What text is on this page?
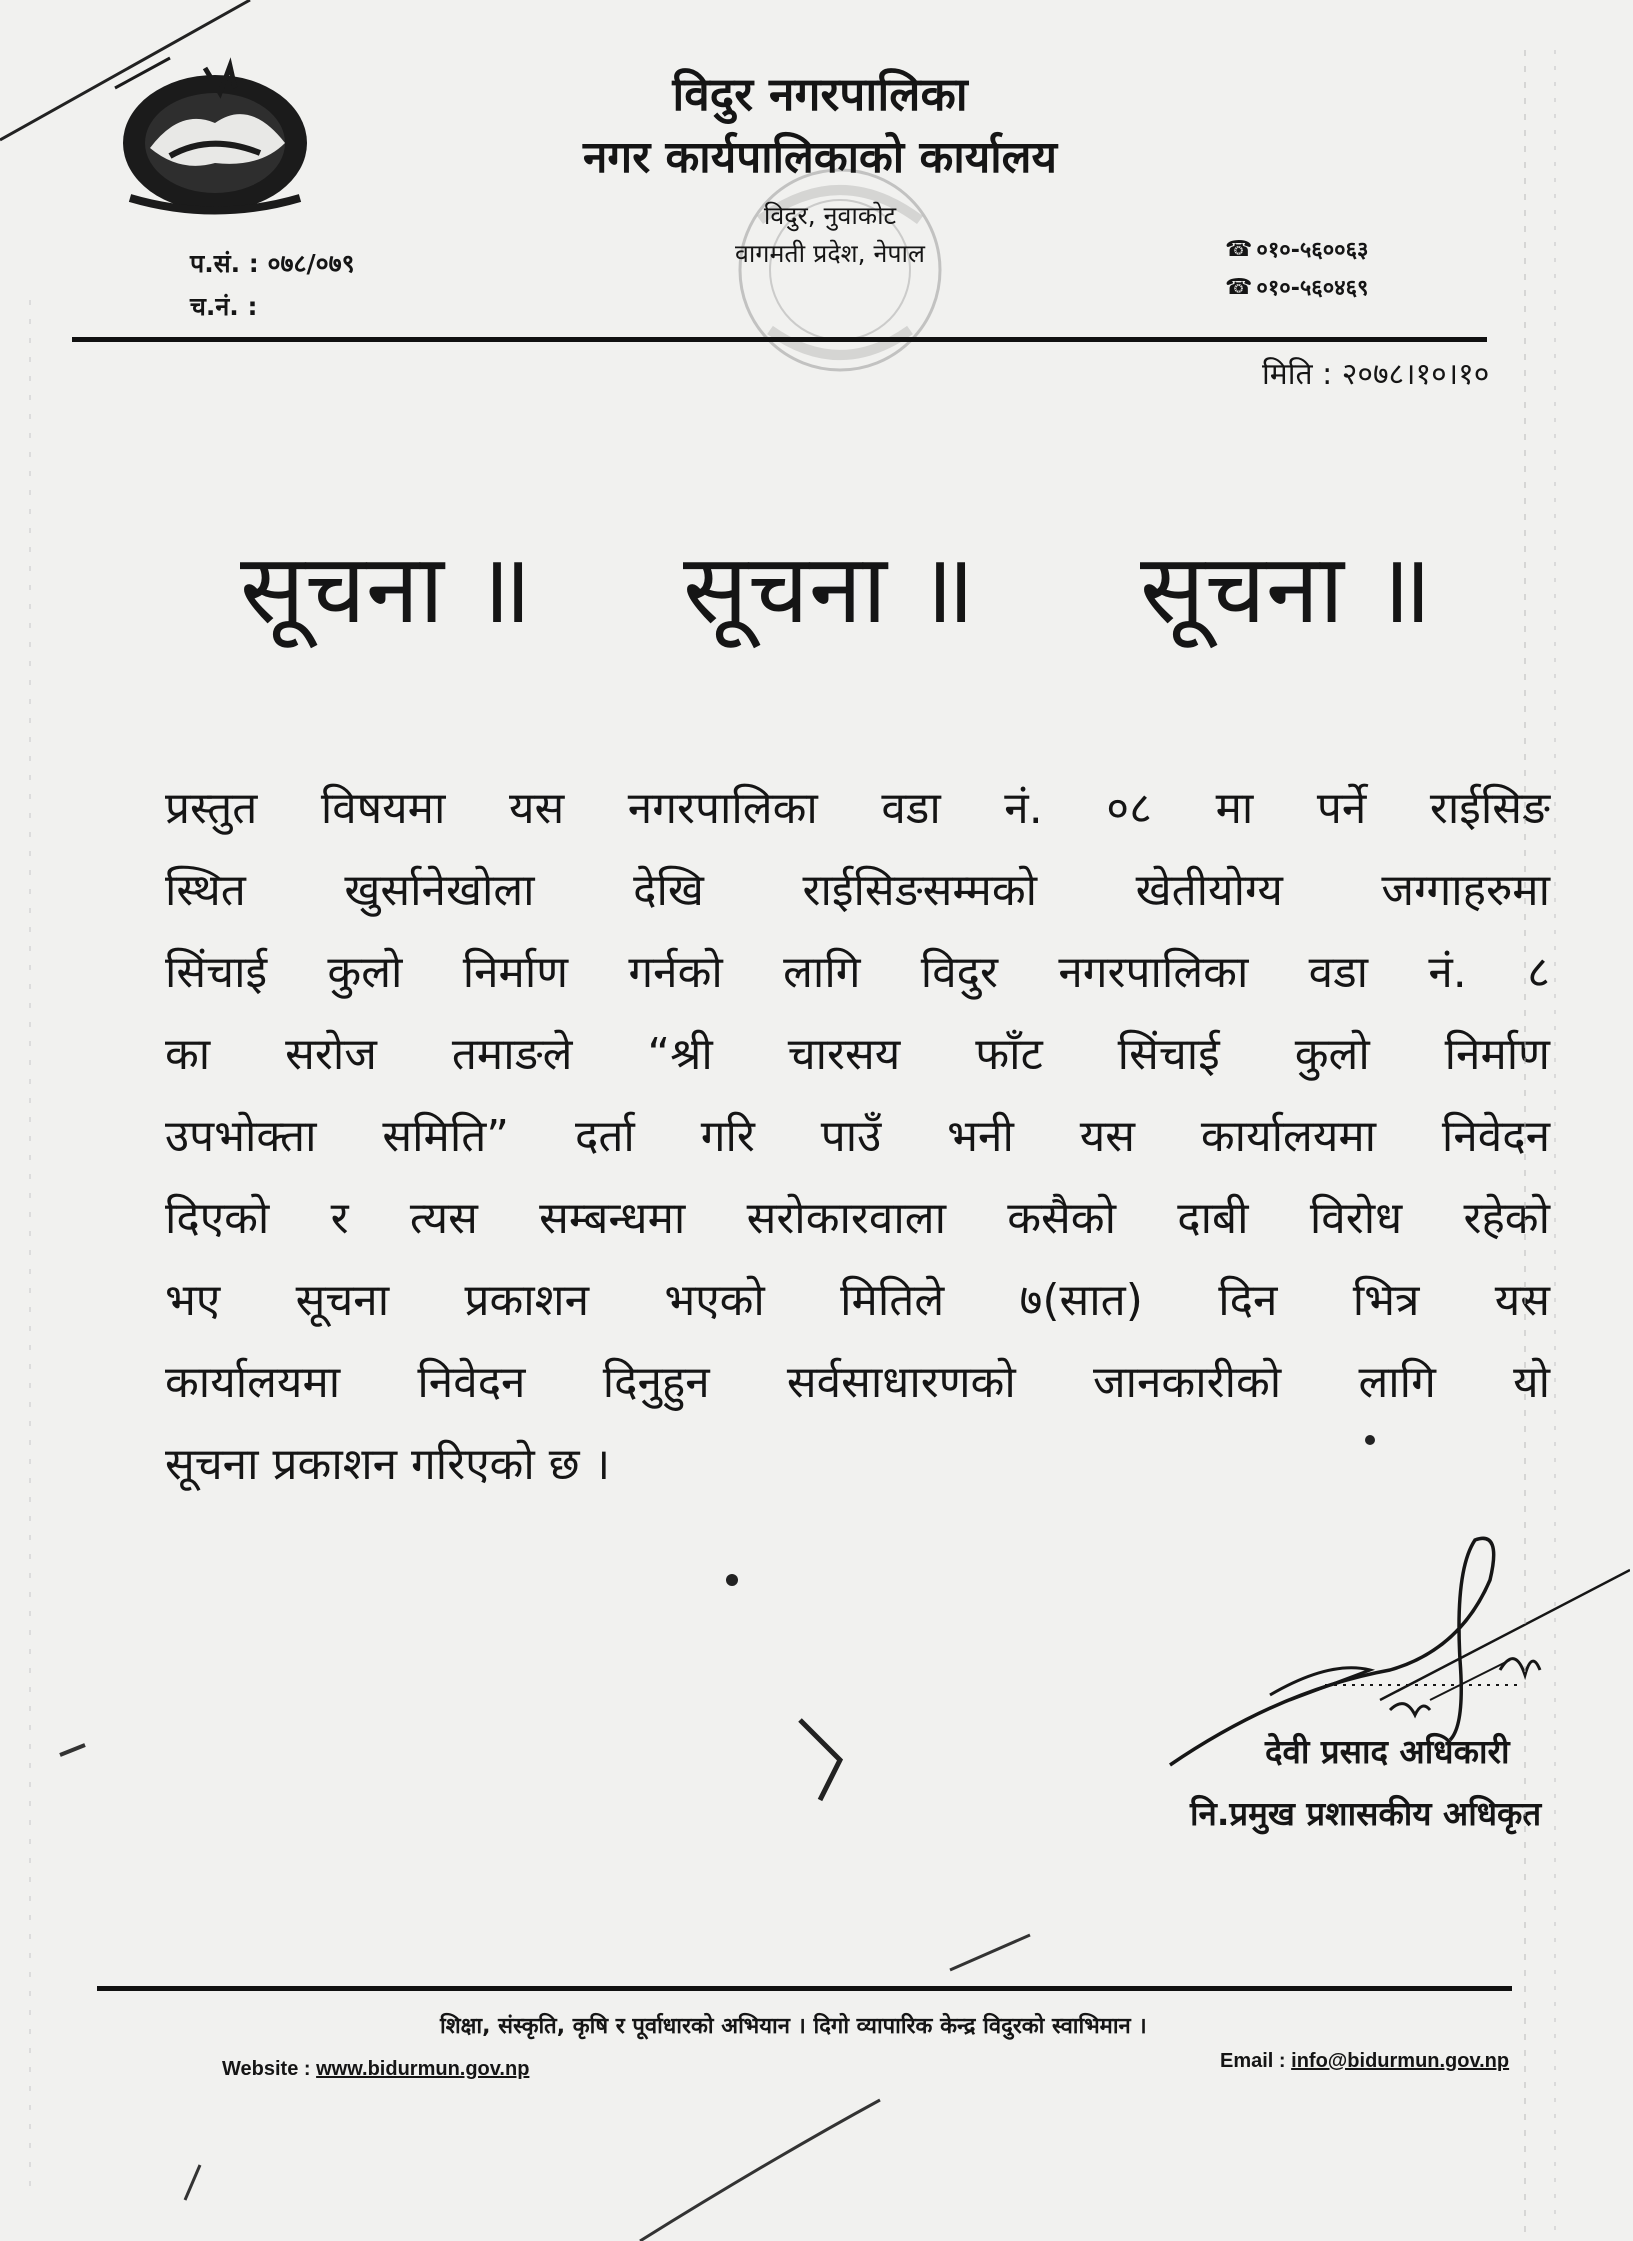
विदुर नगरपालिका
नगर कार्यपालिकाको कार्यालय
विदुर, नुवाकोट
वागमती प्रदेश, नेपाल
प.सं. : ०७८/०७९
च.नं. :
☎ ०१०-५६००६३
☎ ०१०-५६०४६९
मिति : २०७८।१०।१०
सूचना ॥ सूचना ॥ सूचना ॥
प्रस्तुत विषयमा यस नगरपालिका वडा नं. ०८ मा पर्ने राईसिङ
स्थित खुर्सानेखोला देखि राईसिङसम्मको खेतीयोग्य जग्गाहरुमा
सिंचाई कुलो निर्माण गर्नको लागि विदुर नगरपालिका वडा नं. ८
का सरोज तमाङले “श्री चारसय फाँट सिंचाई कुलो निर्माण
उपभोक्ता समिति” दर्ता गरि पाउँ भनी यस कार्यालयमा निवेदन
दिएको र त्यस सम्बन्धमा सरोकारवाला कसैको दाबी विरोध रहेको
भए सूचना प्रकाशन भएको मितिले ७(सात) दिन भित्र यस
कार्यालयमा निवेदन दिनुहुन सर्वसाधारणको जानकारीको लागि यो
सूचना प्रकाशन गरिएको छ ।
देवी प्रसाद अधिकारी
नि.प्रमुख प्रशासकीय अधिकृत
शिक्षा, संस्कृति, कृषि र पूर्वाधारको अभियान । दिगो व्यापारिक केन्द्र विदुरको स्वाभिमान ।
Website : www.bidurmun.gov.np	Email : info@bidurmun.gov.np
